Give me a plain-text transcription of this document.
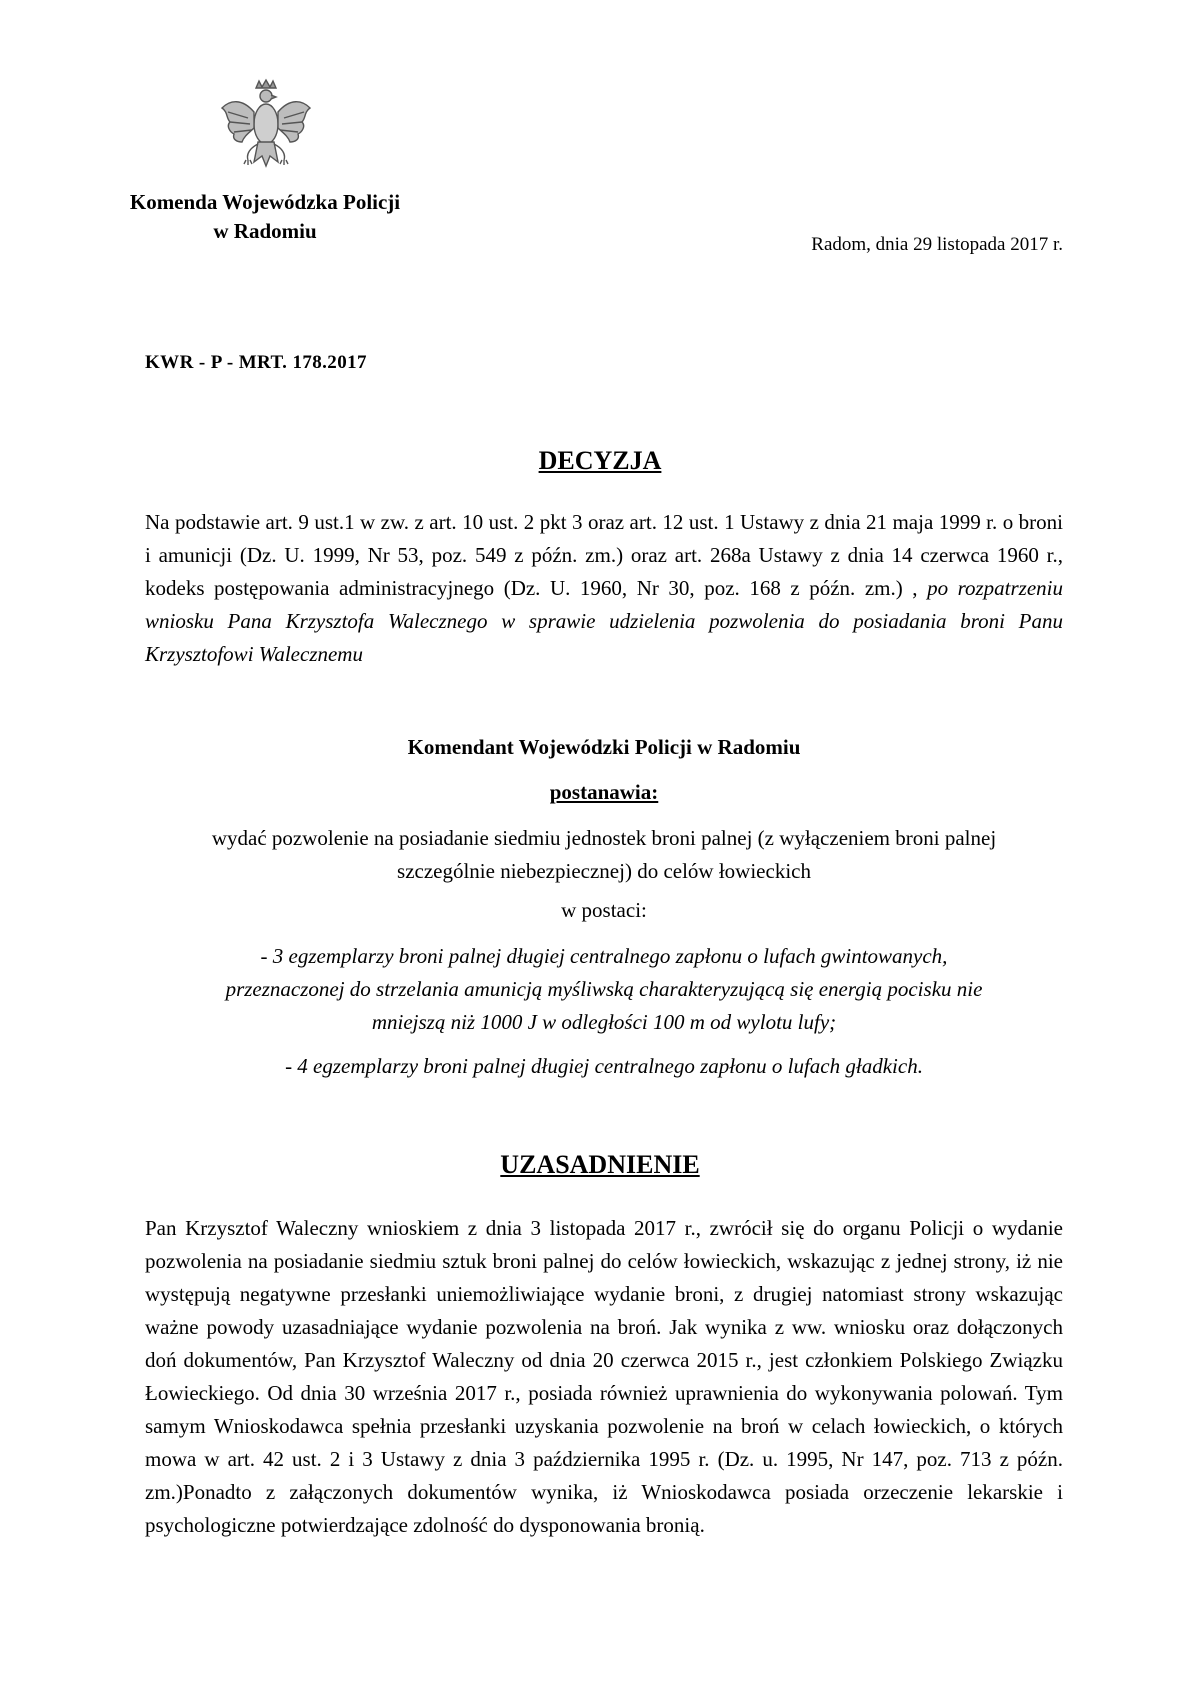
Komenda Wojewódzka Policji
w Radomiu
Radom, dnia 29 listopada 2017 r.
KWR - P - MRT. 178.2017
DECYZJA
Na podstawie art. 9 ust.1 w zw. z art. 10 ust. 2 pkt 3 oraz art. 12 ust. 1 Ustawy z dnia 21 maja 1999 r. o broni i amunicji (Dz. U. 1999, Nr 53, poz. 549 z późn. zm.) oraz art. 268a Ustawy z dnia 14 czerwca 1960 r., kodeks postępowania administracyjnego (Dz. U. 1960, Nr 30, poz. 168 z późn. zm.) , po rozpatrzeniu wniosku Pana Krzysztofa Walecznego w sprawie udzielenia pozwolenia do posiadania broni Panu Krzysztofowi Walecznemu
Komendant Wojewódzki Policji w Radomiu
postanawia:
wydać pozwolenie na posiadanie siedmiu jednostek broni palnej (z wyłączeniem broni palnej
szczególnie niebezpiecznej) do celów łowieckich
w postaci:
- 3 egzemplarzy broni palnej długiej centralnego zapłonu o lufach gwintowanych,
przeznaczonej do strzelania amunicją myśliwską charakteryzującą się energią pocisku nie
mniejszą niż 1000 J w odległości 100 m od wylotu lufy;
- 4 egzemplarzy broni palnej długiej centralnego zapłonu o lufach gładkich.
UZASADNIENIE
Pan Krzysztof Waleczny wnioskiem z dnia 3 listopada 2017 r., zwrócił się do organu Policji o wydanie pozwolenia na posiadanie siedmiu sztuk broni palnej do celów łowieckich, wskazując z jednej strony, iż nie występują negatywne przesłanki uniemożliwiające wydanie broni, z drugiej natomiast strony wskazując ważne powody uzasadniające wydanie pozwolenia na broń. Jak wynika z ww. wniosku oraz dołączonych doń dokumentów, Pan Krzysztof Waleczny od dnia 20 czerwca 2015 r., jest członkiem Polskiego Związku Łowieckiego. Od dnia 30 września 2017 r., posiada również uprawnienia do wykonywania polowań. Tym samym Wnioskodawca spełnia przesłanki uzyskania pozwolenie na broń w celach łowieckich, o których mowa w art. 42 ust. 2 i 3 Ustawy z dnia 3 października 1995 r. (Dz. u. 1995, Nr 147, poz. 713 z późn. zm.)Ponadto z załączonych dokumentów wynika, iż Wnioskodawca posiada orzeczenie lekarskie i psychologiczne potwierdzające zdolność do dysponowania bronią.
